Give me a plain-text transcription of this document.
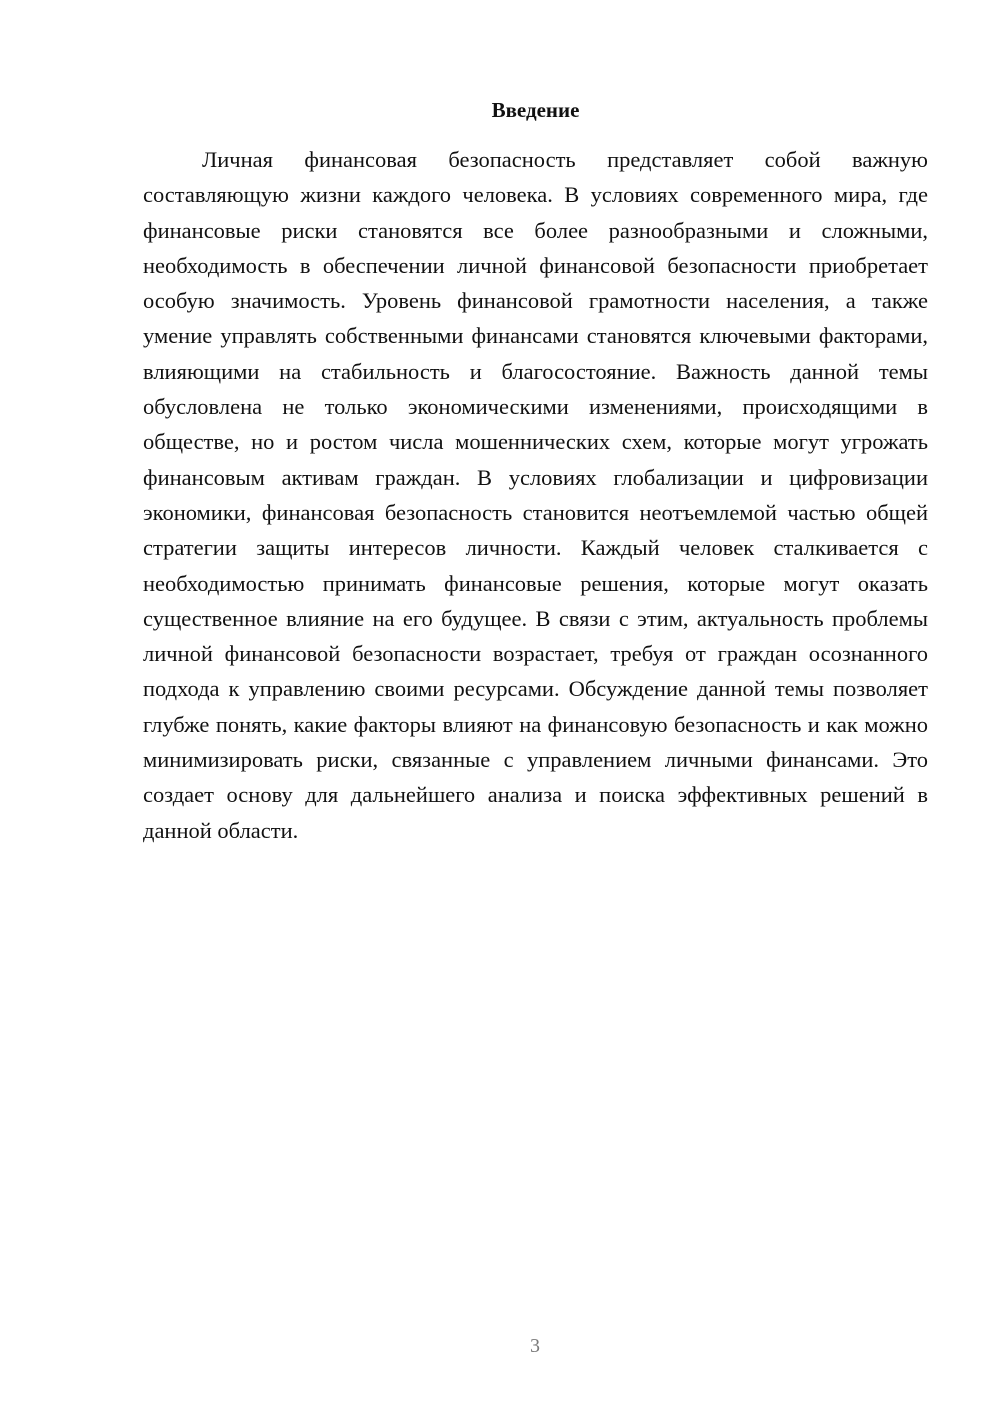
Введение

Личная финансовая безопасность представляет собой важную составляющую жизни каждого человека. В условиях современного мира, где финансовые риски становятся все более разнообразными и сложными, необходимость в обеспечении личной финансовой безопасности приобретает особую значимость. Уровень финансовой грамотности населения, а также умение управлять собственными финансами становятся ключевыми факторами, влияющими на стабильность и благосостояние. Важность данной темы обусловлена не только экономическими изменениями, происходящими в обществе, но и ростом числа мошеннических схем, которые могут угрожать финансовым активам граждан. В условиях глобализации и цифровизации экономики, финансовая безопасность становится неотъемлемой частью общей стратегии защиты интересов личности. Каждый человек сталкивается с необходимостью принимать финансовые решения, которые могут оказать существенное влияние на его будущее. В связи с этим, актуальность проблемы личной финансовой безопасности возрастает, требуя от граждан осознанного подхода к управлению своими ресурсами. Обсуждение данной темы позволяет глубже понять, какие факторы влияют на финансовую безопасность и как можно минимизировать риски, связанные с управлением личными финансами. Это создает основу для дальнейшего анализа и поиска эффективных решений в данной области.

3
